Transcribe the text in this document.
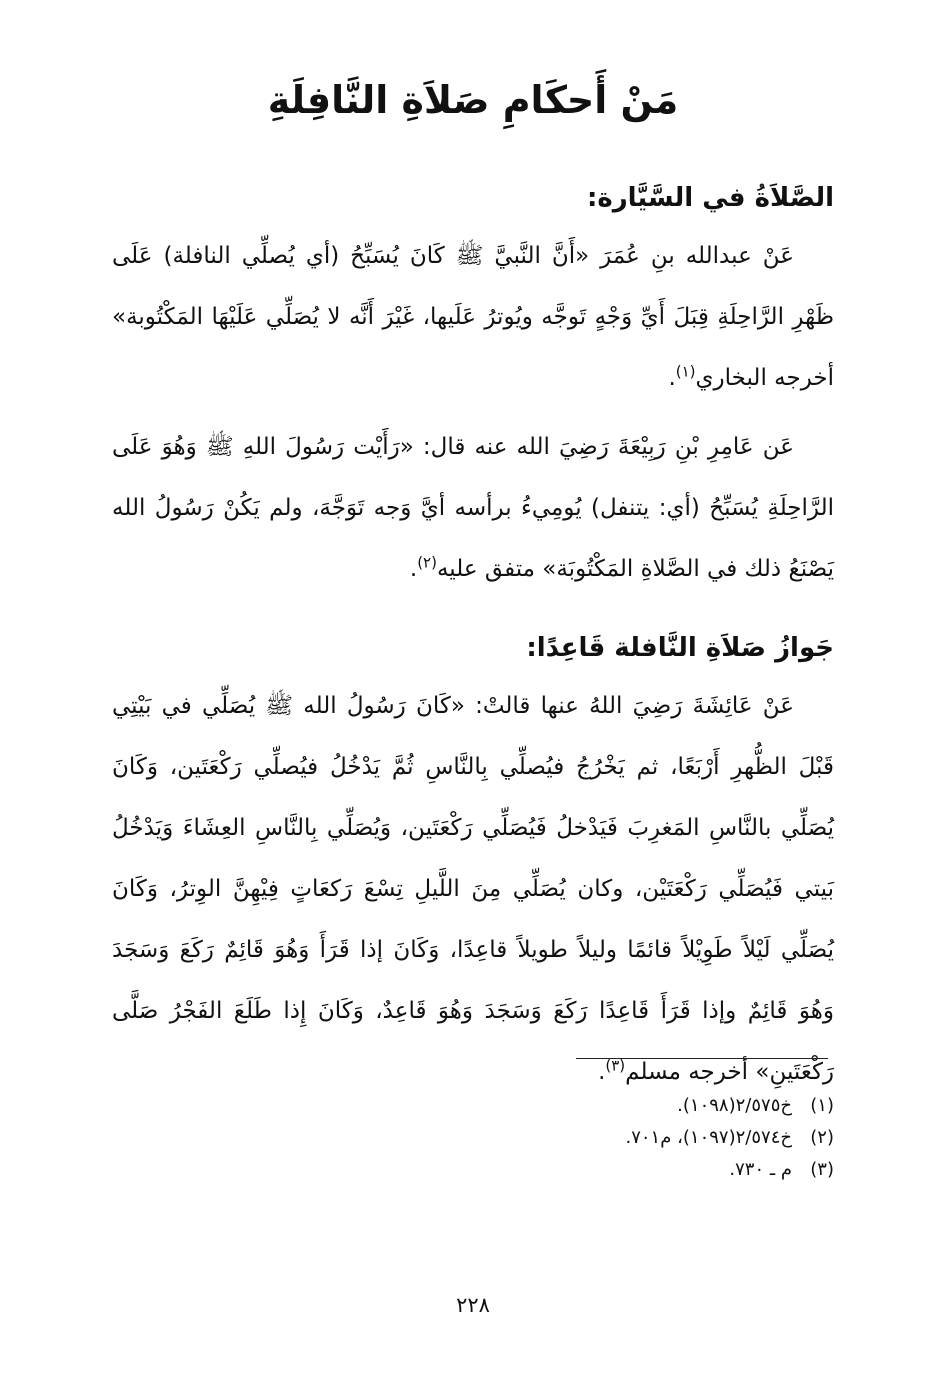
مَنْ أَحكَامِ صَلاَةِ النَّافِلَةِ
الصَّلاَةُ في السَّيَّارة:

عَنْ عبدالله بنِ عُمَرَ «أَنَّ النَّبيَّ ﷺ كَانَ يُسَبِّحُ (أي يُصلِّي النافلة) عَلَى ظَهْرِ الرَّاحِلَةِ قِبَلَ أَيِّ وَجْهٍ تَوجَّه ويُوترُ عَلَيها، غَيْرَ أَنَّه لا يُصَلِّي عَلَيْهَا المَكْتُوبة» أخرجه البخاري$^{(١)}$.

عَن عَامِرِ بْنِ رَبِيْعَةَ رَضِيَ الله عنه قال: «رَأَيْت رَسُولَ اللهِ ﷺ وَهُوَ عَلَى الرَّاحِلَةِ يُسَبِّحُ (أي: يتنفل) يُومِيءُ برأسه أيَّ وَجه تَوَجَّهَ، ولم يَكُنْ رَسُولُ الله يَصْنَعُ ذلك في الصَّلاةِ المَكْتُوبَة» متفق عليه$^{(٢)}$.

جَوازُ صَلاَةِ النَّافلة قَاعِدًا:

عَنْ عَائِشَةَ رَضِيَ اللهُ عنها قالتْ: «كَانَ رَسُولُ الله ﷺ يُصَلِّي في بَيْتِي قَبْلَ الظُّهرِ أَرْبَعًا، ثم يَخْرُجُ فيُصلِّي بِالنَّاسِ ثُمَّ يَدْخُلُ فيُصلِّي رَكْعَتَين، وَكَانَ يُصَلِّي بالنَّاسِ المَغرِبَ فَيَدْخلُ فَيُصَلِّي رَكْعَتَين، وَيُصَلِّي بِالنَّاسِ العِشَاءَ وَيَدْخُلُ بَيتي فَيُصَلِّي رَكْعَتَيْن، وكان يُصَلِّي مِنَ اللَّيلِ تِسْعَ رَكعَاتٍ فِيْهِنَّ الوِترُ، وَكَانَ يُصَلِّي لَيْلاً طَوِيْلاً قائمًا وليلاً طويلاً قاعِدًا، وَكَانَ إذا قَرَأَ وَهُوَ قَائِمٌ رَكَعَ وَسَجَدَ وَهُوَ قَائِمٌ وإذا قَرَأَ قَاعِدًا رَكَعَ وَسَجَدَ وَهُوَ قَاعِدٌ، وَكَانَ إِذا طَلَعَ الفَجْرُ صَلَّى رَكْعَتَينِ» أخرجه مسلم$^{(٣)}$.

(١)
خ٢/٥٧٥(١٠٩٨).
(٢)
خ٢/٥٧٤(١٠٩٧)، م٧٠١.
(٣)
م ـ ٧٣٠.
٢٢٨
